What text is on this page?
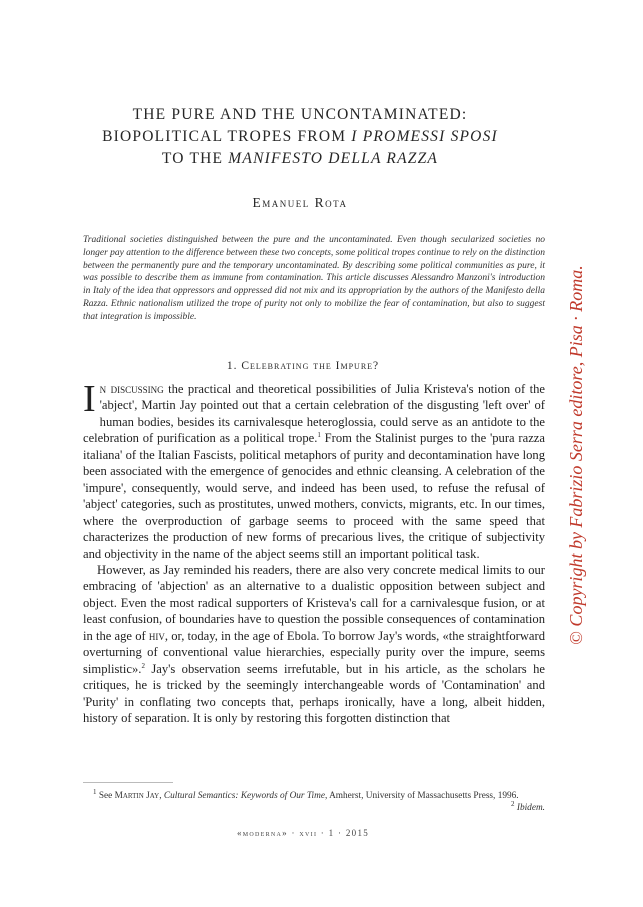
THE PURE AND THE UNCONTAMINATED:
BIOPOLITICAL TROPES FROM I PROMESSI SPOSI
TO THE MANIFESTO DELLA RAZZA
Emanuel Rota
Traditional societies distinguished between the pure and the uncontaminated. Even though secularized societies no longer pay attention to the difference between these two concepts, some political tropes continue to rely on the distinction between the permanently pure and the temporary uncontaminated. By describing some political communities as pure, it was possible to describe them as immune from contamination. This article discusses Alessandro Manzoni's introduction in Italy of the idea that oppressors and oppressed did not mix and its appropriation by the authors of the Manifesto della Razza. Ethnic nationalism utilized the trope of purity not only to mobilize the fear of contamination, but also to suggest that integration is impossible.
1. Celebrating the Impure?

In discussing the practical and theoretical possibilities of Julia Kristeva's notion of the 'abject', Martin Jay pointed out that a certain celebration of the disgusting 'left over' of human bodies, besides its carnivalesque heteroglossia, could serve as an antidote to the celebration of purification as a political trope.$^1$ From the Stalinist purges to the 'pura razza italiana' of the Italian Fascists, political metaphors of purity and decontamination have long been associated with the emergence of genocides and ethnic cleansing. A celebration of the 'impure', consequently, would serve, and indeed has been used, to refuse the refusal of 'abject' categories, such as prostitutes, unwed mothers, convicts, migrants, etc. In our times, where the overproduction of garbage seems to proceed with the same speed that characterizes the production of new forms of precarious lives, the critique of subjectivity and objectivity in the name of the abject seems still an important political task.

However, as Jay reminded his readers, there are also very concrete medical limits to our embracing of 'abjection' as an alternative to a dualistic opposition between subject and object. Even the most radical supporters of Kristeva's call for a carnivalesque fusion, or at least confusion, of boundaries have to question the possible consequences of contamination in the age of hiv, or, today, in the age of Ebola. To borrow Jay's words, «the straightforward overturning of conventional value hierarchies, especially purity over the impure, seems simplistic».$^2$ Jay's observation seems irrefutable, but in his article, as the scholars he critiques, he is tricked by the seemingly interchangeable words of 'Contamination' and 'Purity' in conflating two concepts that, perhaps ironically, have a long, albeit hidden, history of separation. It is only by restoring this forgotten distinction that

$^1$ See Martin Jay, Cultural Semantics: Keywords of Our Time, Amherst, University of Massachusetts Press, 1996.
$^2$ Ibidem.
«moderna» · xvii · 1 · 2015
© Copyright by Fabrizio Serra editore, Pisa · Roma.
